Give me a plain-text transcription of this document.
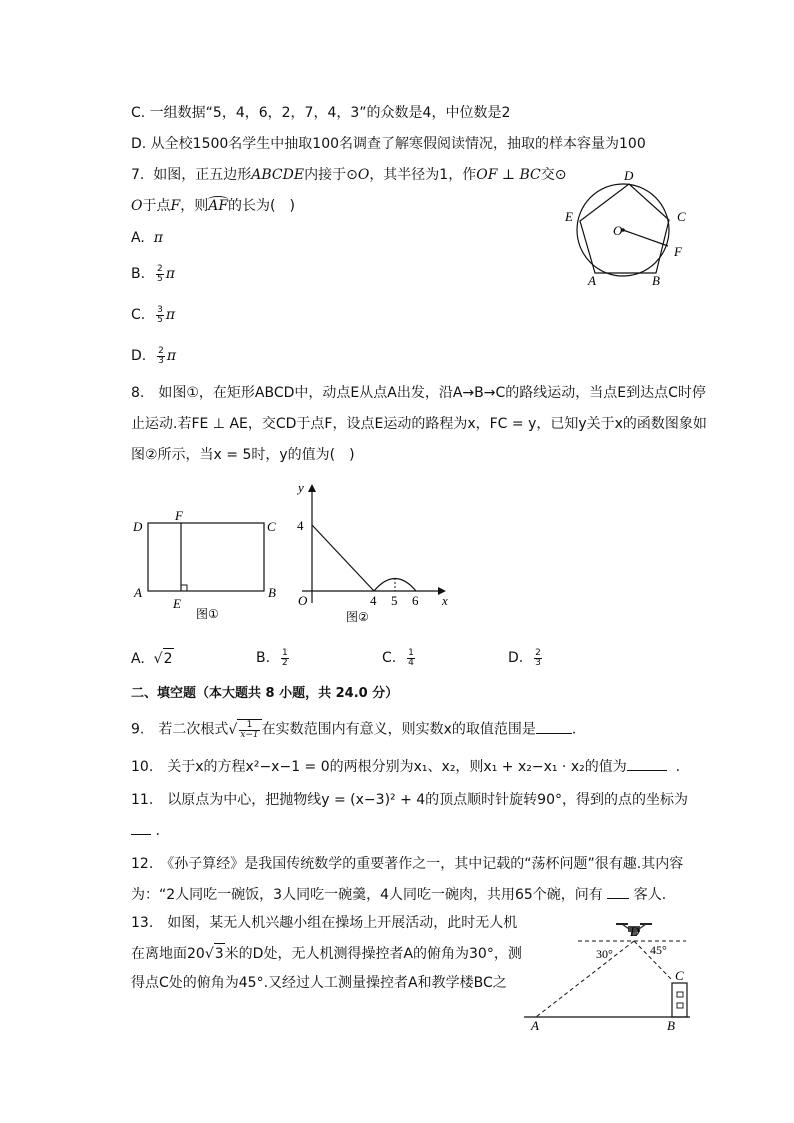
C. 一组数据“5，4，6，2，7，4，3”的众数是4，中位数是2
D. 从全校1500名学生中抽取100名调查了解寒假阅读情况，抽取的样本容量为100
7. 如图，正五边形ABCDE内接于⊙O，其半径为1，作OF ⊥ BC交⊙
O于点F，则
AF的长为(　)
A. π
B. $\frac{2}{5}$ π
C. $\frac{3}{5}$ π
D. $\frac{2}{3}$ π
D
E	C
O
F
A	B
8.　如图①，在矩形ABCD中，动点E从点A出发，沿A→B→C的路线运动，当点E到达点C时停
止运动.若FE ⊥ AE，交CD于点F，设点E运动的路程为x，FC = y，已知y关于x的函数图象如
图②所示，当x = 5时，y的值为(　)
D
F
C
A
E
B
图①
y
x
O
4
4 5 6
图②
A.  √2	B. $\frac{1}{2}$	C. $\frac{1}{4}$	D. $\frac{2}{3}$
二、填空题（本大题共 8 小题，共 24.0 分）
9.　若二次根式√ $\frac{1}{x-1}$ 在实数范围内有意义，则实数x的取值范围是	.
10.　关于x的方程x²−x−1 = 0的两根分别为x₁、x₂，则x₁ + x₂−x₁ · x₂的值为	.
11.　以原点为中心，把抛物线y = (x−3)² + 4的顶点顺时针旋转90°，得到的点的坐标为
.
12.　《孙子算经》是我国传统数学的重要著作之一，其中记载的“荡杯问题”很有趣.其内容
为：“2人同吃一碗饭，3人同吃一碗羹，4人同吃一碗肉，共用65个碗，问有 客人.
13.　如图，某无人机兴趣小组在操场上开展活动，此时无人机
在离地面20√3米的D处，无人机测得操控者A的俯角为30°，测
得点C处的俯角为45°.又经过人工测量操控者A和教学楼BC之
D
30°	45°
C
A	B
